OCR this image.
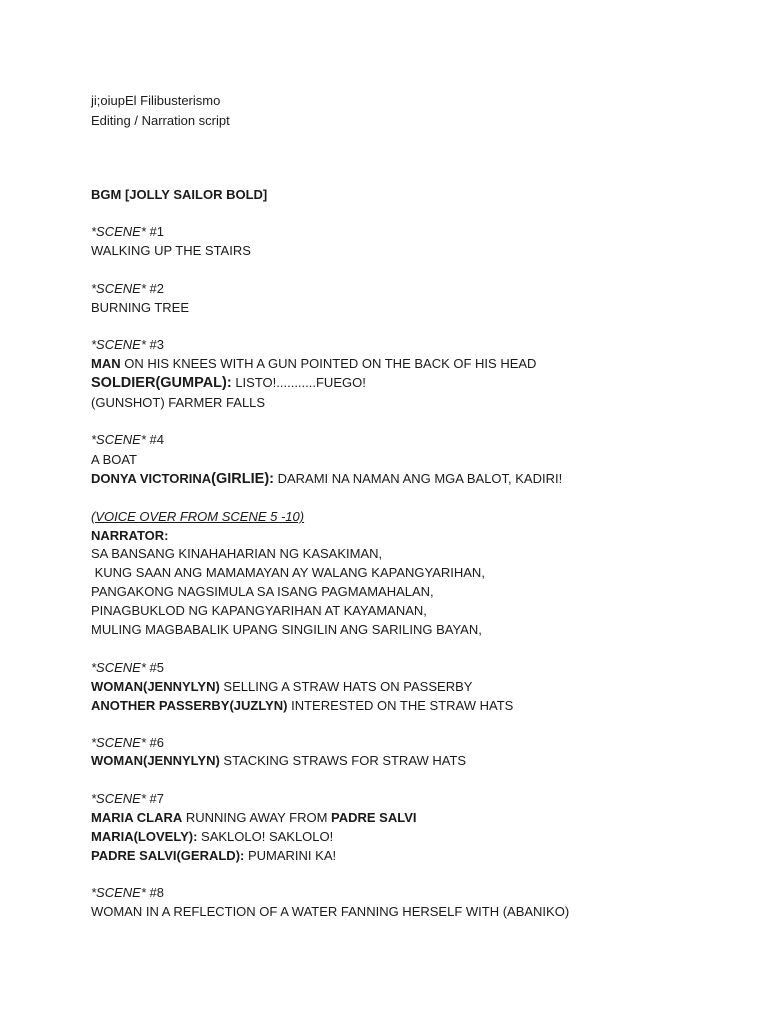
ji;oiupEl Filibusterismo
Editing / Narration script
BGM [JOLLY SAILOR BOLD]
*SCENE* #1
WALKING UP THE STAIRS
*SCENE* #2
BURNING TREE
*SCENE* #3
MAN ON HIS KNEES WITH A GUN POINTED ON THE BACK OF HIS HEAD
SOLDIER(GUMPAL): LISTO!...........FUEGO!
(GUNSHOT) FARMER FALLS
*SCENE* #4
A BOAT
DONYA VICTORINA(GIRLIE): DARAMI NA NAMAN ANG MGA BALOT, KADIRI!
(VOICE OVER FROM SCENE 5 -10)
NARRATOR:
SA BANSANG KINAHAHARIAN NG KASAKIMAN,
KUNG SAAN ANG MAMAMAYAN AY WALANG KAPANGYARIHAN,
PANGAKONG NAGSIMULA SA ISANG PAGMAMAHALAN,
PINAGBUKLOD NG KAPANGYARIHAN AT KAYAMANAN,
MULING MAGBABALIK UPANG SINGILIN ANG SARILING BAYAN,
*SCENE* #5
WOMAN(JENNYLYN) SELLING A STRAW HATS ON PASSERBY
ANOTHER PASSERBY(JUZLYN) INTERESTED ON THE STRAW HATS
*SCENE* #6
WOMAN(JENNYLYN) STACKING STRAWS FOR STRAW HATS
*SCENE* #7
MARIA CLARA RUNNING AWAY FROM PADRE SALVI
MARIA(LOVELY): SAKLOLO! SAKLOLO!
PADRE SALVI(GERALD): PUMARINI KA!
*SCENE* #8
WOMAN IN A REFLECTION OF A WATER FANNING HERSELF WITH (ABANIKO)
